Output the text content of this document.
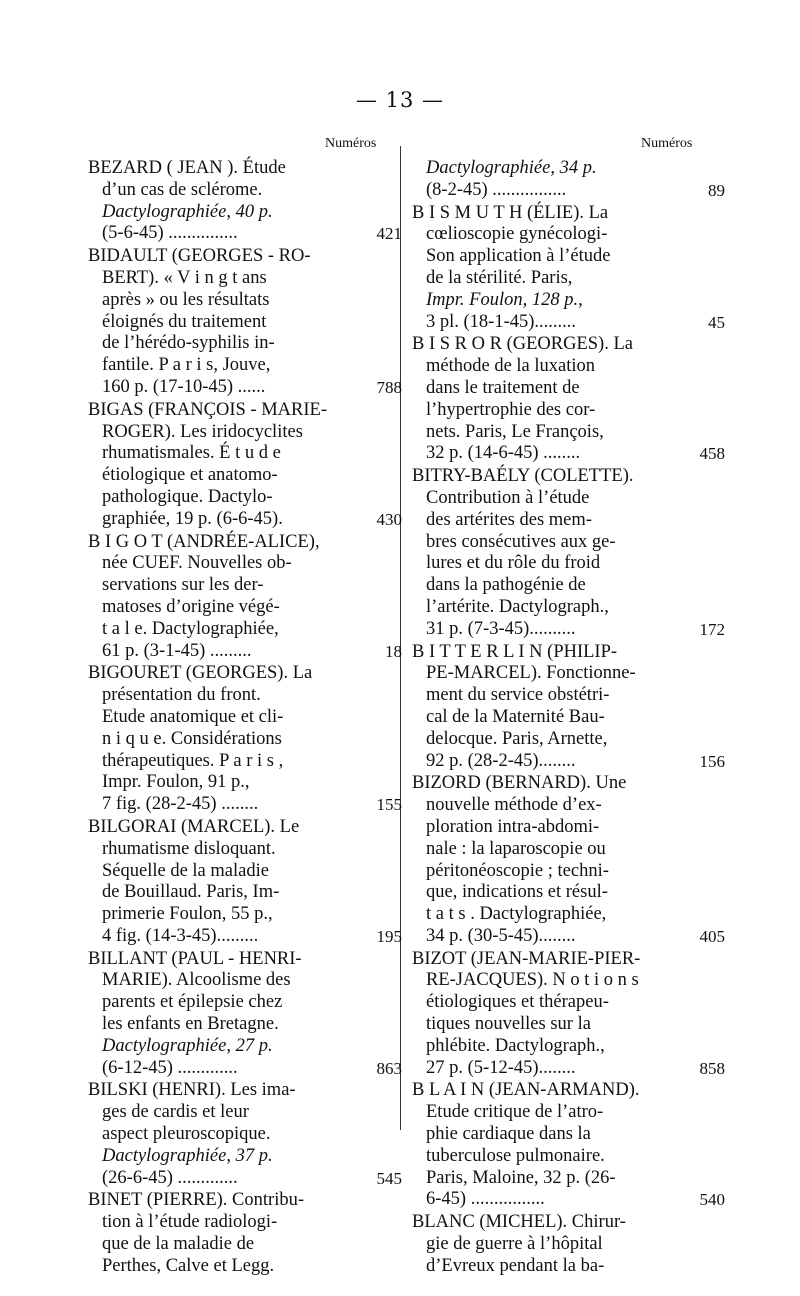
— 13 —
Numéros	Numéros
BEZARD ( JEAN ). Étude
d’un cas de sclérome.
Dactylographiée, 40 p.
(5-6-45) ...............	421
BIDAULT (GEORGES - RO-
BERT). « V i n g t ans
après » ou les résultats
éloignés du traitement
de l’hérédo-syphilis in-
fantile. P a r i s, Jouve,
160 p. (17-10-45) ......	788
BIGAS (FRANÇOIS - MARIE-
ROGER). Les iridocyclites
rhumatismales. É t u d e
étiologique et anatomo-
pathologique. Dactylo-
graphiée, 19 p. (6-6-45).	430
B I G O T (ANDRÉE-ALICE),
née CUEF. Nouvelles ob-
servations sur les der-
matoses d’origine végé-
t a l e. Dactylographiée,
61 p. (3-1-45) .........	18
BIGOURET (GEORGES). La
présentation du front.
Etude anatomique et cli-
n i q u e. Considérations
thérapeutiques. P a r i s ,
Impr. Foulon, 91 p.,
7 fig. (28-2-45) ........	155
BILGORAI (MARCEL). Le
rhumatisme disloquant.
Séquelle de la maladie
de Bouillaud. Paris, Im-
primerie Foulon, 55 p.,
4 fig. (14-3-45).........	195
BILLANT (PAUL - HENRI-
MARIE). Alcoolisme des
parents et épilepsie chez
les enfants en Bretagne.
Dactylographiée, 27 p.
(6-12-45) .............	863
BILSKI (HENRI). Les ima-
ges de cardis et leur
aspect pleuroscopique.
Dactylographiée, 37 p.
(26-6-45) .............	545
BINET (PIERRE). Contribu-
tion à l’étude radiologi-
que de la maladie de
Perthes, Calve et Legg.
Dactylographiée, 34 p.
(8-2-45) ................	89
B I S M U T H (ÉLIE). La
cœlioscopie gynécologi-
Son application à l’étude
de la stérilité. Paris,
Impr. Foulon, 128 p.,
3 pl. (18-1-45).........	45
B I S R O R (GEORGES). La
méthode de la luxation
dans le traitement de
l’hypertrophie des cor-
nets. Paris, Le François,
32 p. (14-6-45) ........	458
BITRY-BAÉLY (COLETTE).
Contribution à l’étude
des artérites des mem-
bres consécutives aux ge-
lures et du rôle du froid
dans la pathogénie de
l’artérite. Dactylograph.,
31 p. (7-3-45)..........	172
B I T T E R L I N (PHILIP-
PE-MARCEL). Fonctionne-
ment du service obstétri-
cal de la Maternité Bau-
delocque. Paris, Arnette,
92 p. (28-2-45)........	156
BIZORD (BERNARD). Une
nouvelle méthode d’ex-
ploration intra-abdomi-
nale : la laparoscopie ou
péritonéoscopie ; techni-
que, indications et résul-
t a t s . Dactylographiée,
34 p. (30-5-45)........	405
BIZOT (JEAN-MARIE-PIER-
RE-JACQUES). N o t i o n s
étiologiques et thérapeu-
tiques nouvelles sur la
phlébite. Dactylograph.,
27 p. (5-12-45)........	858
B L A I N (JEAN-ARMAND).
Etude critique de l’atro-
phie cardiaque dans la
tuberculose pulmonaire.
Paris, Maloine, 32 p. (26-
6-45) ................	540
BLANC (MICHEL). Chirur-
gie de guerre à l’hôpital
d’Evreux pendant la ba-
